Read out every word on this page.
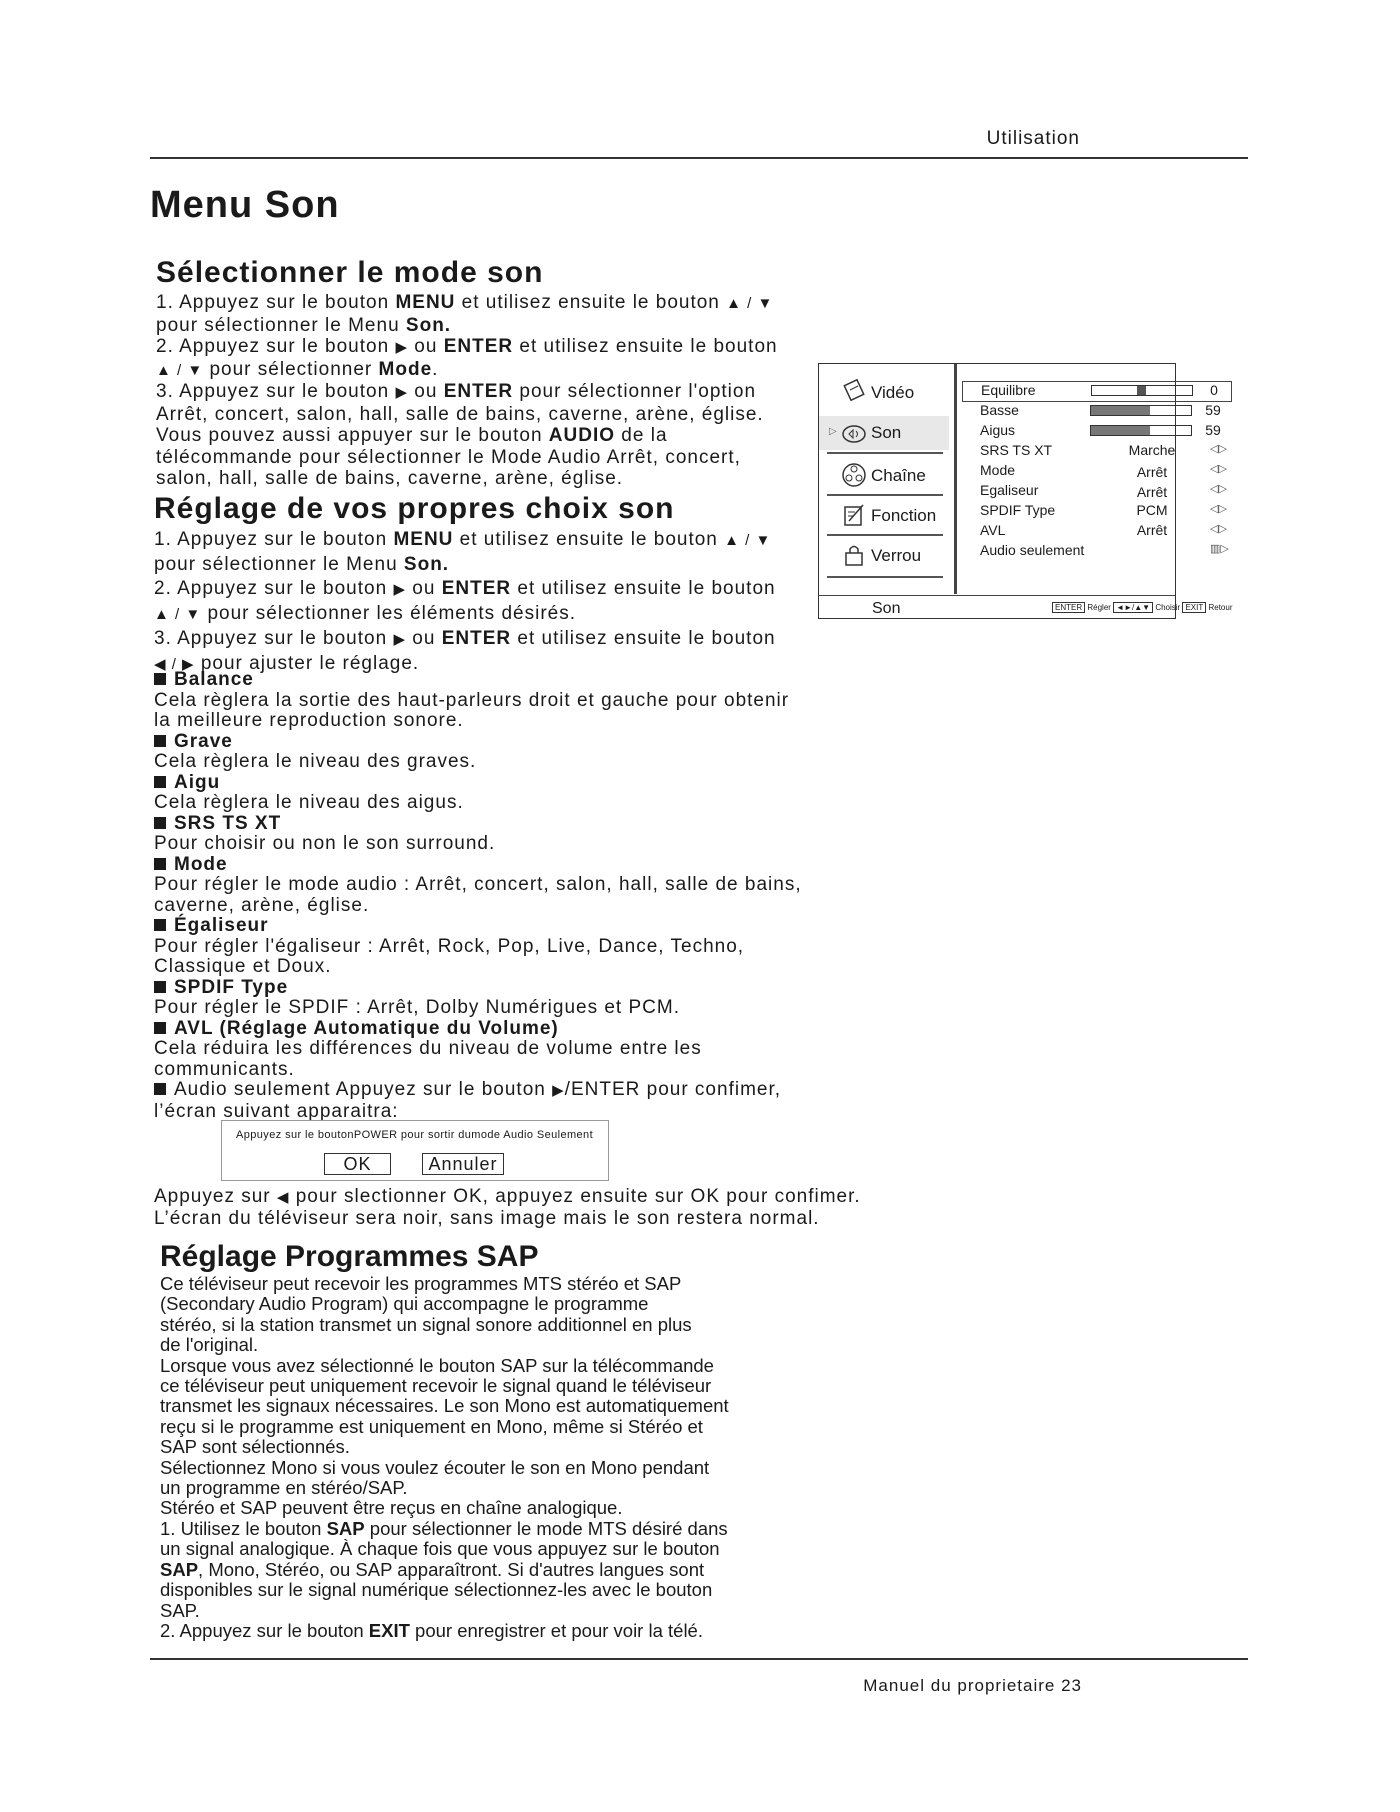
Utilisation
Menu Son
Sélectionner le mode son

1. Appuyez sur le bouton MENU et utilisez ensuite le bouton ▲ / ▼

pour sélectionner le Menu Son.

2. Appuyez sur le bouton ▶ ou ENTER et utilisez ensuite le bouton

▲ / ▼ pour sélectionner Mode.

3. Appuyez sur le bouton ▶ ou ENTER pour sélectionner l'option

Arrêt, concert, salon, hall, salle de bains, caverne, arène, église.

Vous pouvez aussi appuyer sur le bouton AUDIO de la

télécommande pour sélectionner le Mode Audio Arrêt, concert,

salon, hall, salle de bains, caverne, arène, église.

Réglage de vos propres choix son

1. Appuyez sur le bouton MENU et utilisez ensuite le bouton ▲ / ▼

pour sélectionner le Menu Son.

2. Appuyez sur le bouton ▶ ou ENTER et utilisez ensuite le bouton

▲ / ▼ pour sélectionner les éléments désirés.

3. Appuyez sur le bouton ▶ ou ENTER et utilisez ensuite le bouton

◀ / ▶ pour ajuster le réglage.

Balance

Cela règlera la sortie des haut-parleurs droit et gauche pour obtenir la meilleure reproduction sonore.

Grave

Cela règlera le niveau des graves.

Aigu

Cela règlera le niveau des aigus.

SRS TS XT

Pour choisir ou non le son surround.

Mode

Pour régler le mode audio : Arrêt, concert, salon, hall, salle de bains, caverne, arène, église.

Égaliseur

Pour régler l'égaliseur : Arrêt, Rock, Pop, Live, Dance, Techno, Classique et Doux.

SPDIF Type

Pour régler le SPDIF : Arrêt, Dolby Numérigues et PCM.

AVL (Réglage Automatique du Volume)

Cela réduira les différences du niveau de volume entre les communicants.

Audio seulement Appuyez sur le bouton ▶/ENTER pour confimer,

l’écran suivant apparaitra:

Appuyez sur le boutonPOWER pour sortir dumode Audio Seulement
OK	Annuler

Appuyez sur ◀ pour slectionner OK, appuyez ensuite sur OK pour confimer.

L’écran du téléviseur sera noir, sans image mais le son restera normal.

Réglage Programmes SAP

Ce téléviseur peut recevoir les programmes MTS stéréo et SAP

(Secondary Audio Program) qui accompagne le programme

stéréo, si la station transmet un signal sonore additionnel en plus

de l'original.

Lorsque vous avez sélectionné le bouton SAP sur la télécommande

ce téléviseur peut uniquement recevoir le signal quand le téléviseur

transmet les signaux nécessaires. Le son Mono est automatiquement

reçu si le programme est uniquement en Mono, même si Stéréo et

SAP sont sélectionnés.

Sélectionnez Mono si vous voulez écouter le son en Mono pendant

un programme en stéréo/SAP.

Stéréo et SAP peuvent être reçus en chaîne analogique.

1. Utilisez le bouton SAP pour sélectionner le mode MTS désiré dans

un signal analogique. À chaque fois que vous appuyez sur le bouton

SAP, Mono, Stéréo, ou SAP apparaîtront. Si d'autres langues sont

disponibles sur le signal numérique sélectionnez-les avec le bouton

SAP.

2. Appuyez sur le bouton EXIT pour enregistrer et pour voir la télé.

Vidéo
▷ Son
Chaîne
Fonction
Verrou
Equilibre	0
Basse	59
Aigus	59
SRS TS XT	Marche	◁▷
Mode	Arrêt	◁▷
Egaliseur	Arrêt	◁▷
SPDIF Type	PCM	◁▷
AVL	Arrêt	◁▷
Audio seulement	▥▷
Son	ENTER Régler ◄►/▲▼ Choisir EXIT Retour
Manuel du proprietaire 23
